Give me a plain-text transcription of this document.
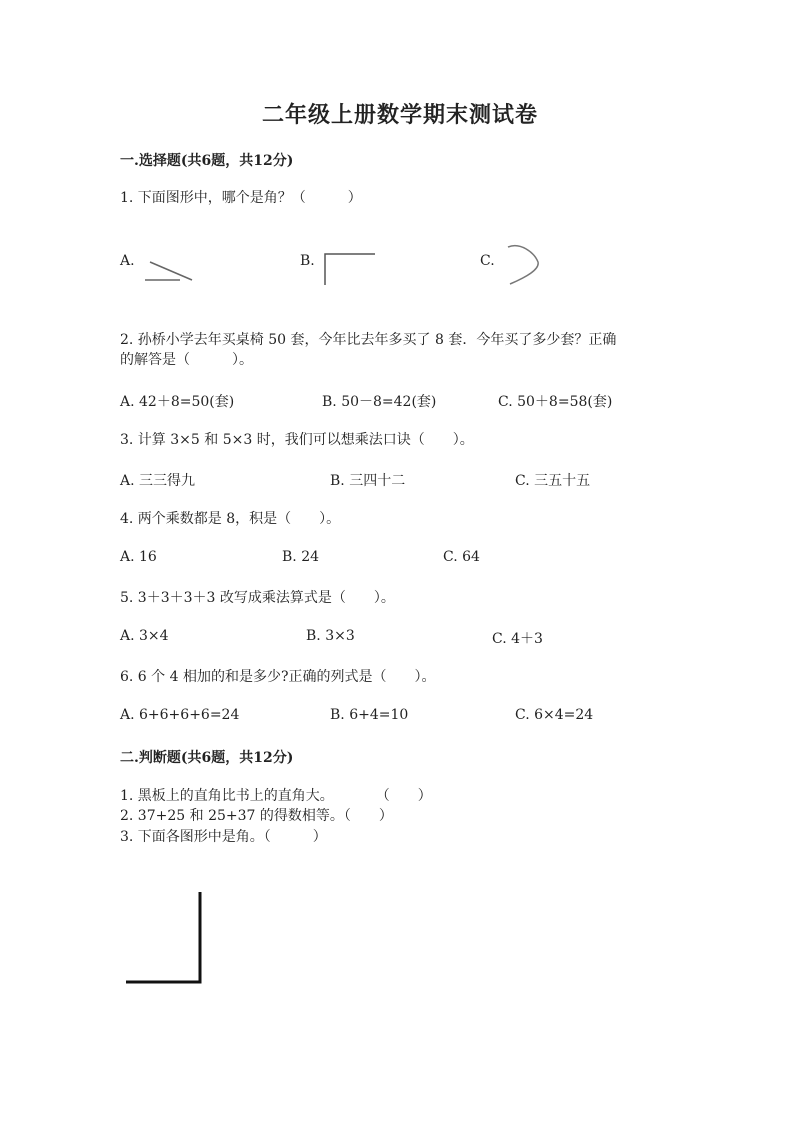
二年级上册数学期末测试卷
一.选择题(共6题，共12分)
1. 下面图形中，哪个是角？（　　　）
A.	B.	C.
2. 孙桥小学去年买桌椅 50 套，今年比去年多买了 8 套．今年买了多少套？正确
的解答是（　　　）。
A. 42＋8=50(套)	B. 50－8=42(套)	C. 50＋8=58(套)
3. 计算 3×5 和 5×3 时，我们可以想乘法口诀（　　）。
A. 三三得九	B. 三四十二	C. 三五十五
4. 两个乘数都是 8，积是（　　）。
A. 16	B. 24	C. 64
5. 3＋3＋3＋3 改写成乘法算式是（　　）。
A. 3×4	B. 3×3	C. 4＋3
6. 6 个 4 相加的和是多少?正确的列式是（　　）。
A. 6+6+6+6=24	B. 6+4=10	C. 6×4=24
二.判断题(共6题，共12分)
1. 黑板上的直角比书上的直角大。　　　　（　　）
2. 37+25 和 25+37 的得数相等。（　　）
3. 下面各图形中是角。（　　　）
